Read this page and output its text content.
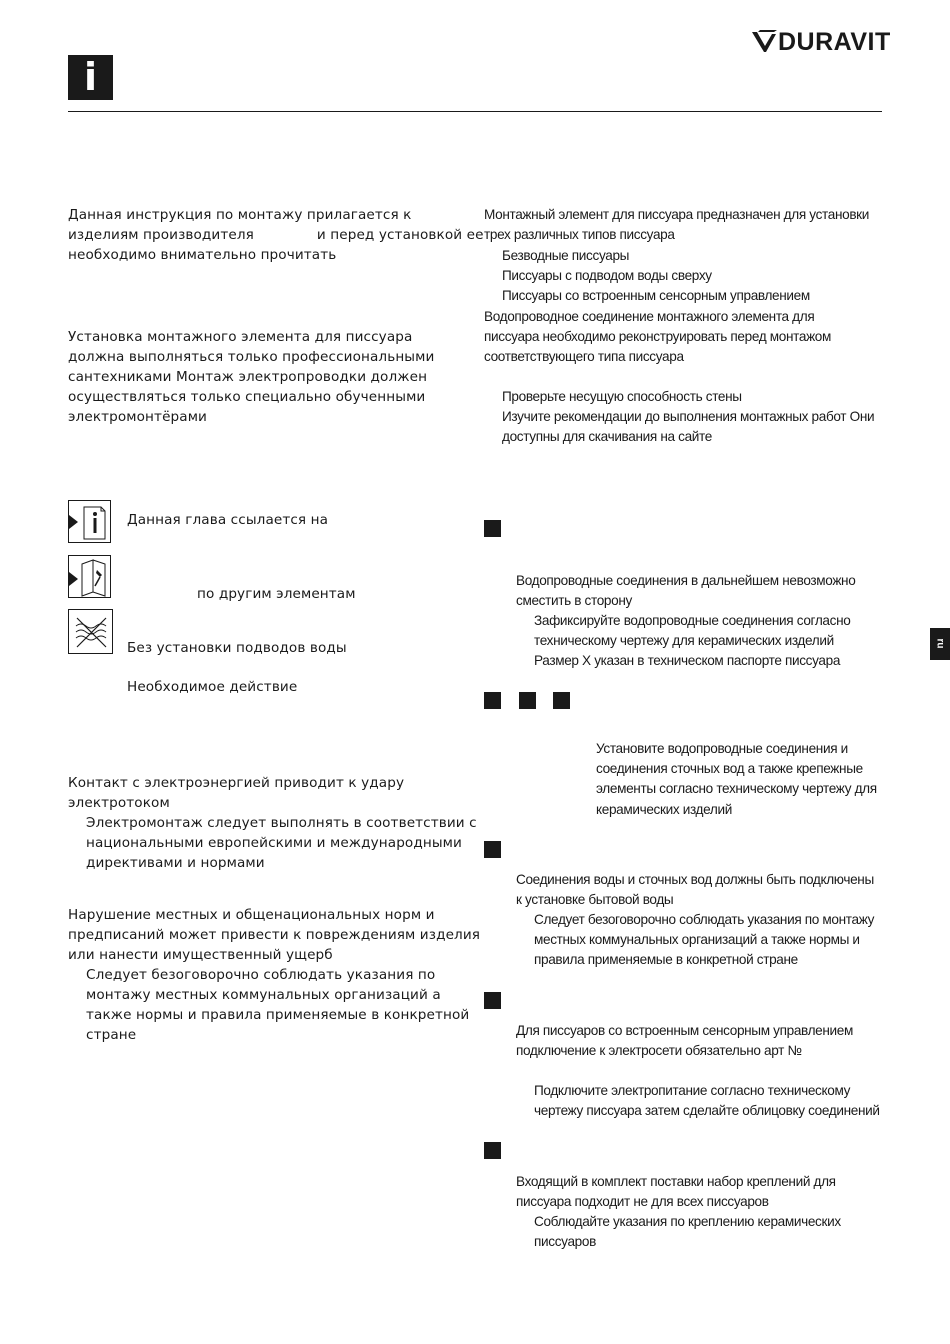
i
DURAVIT
Данная инструкция по монтажу прилагается к
изделиям производителя	и перед установкой ее
необходимо внимательно прочитать
Установка монтажного элемента для писсуара
должна выполняться только профессиональными
сантехниками Монтаж электропроводки должен
осуществляться только специально обученными
электромонтёрами
Данная глава ссылается на
по другим элементам
Без установки подводов воды
Необходимое действие
Контакт с электроэнергией приводит к удару
электротоком
Электромонтаж следует выполнять в соответствии с
национальными европейскими и международными
директивами и нормами
Нарушение местных и общенациональных норм и
предписаний может привести к повреждениям изделия
или нанести имущественный ущерб
Следует безоговорочно соблюдать указания по
монтажу местных коммунальных организаций а
также нормы и правила применяемые в конкретной
стране
Монтажный элемент для писсуара предназначен для установки
трех различных типов писсуара
Безводные писсуары
Писсуары с подводом воды сверху
Писсуары со встроенным сенсорным управлением
Водопроводное соединение монтажного элемента для
писсуара необходимо реконструировать перед монтажом
соответствующего типа писсуара
Проверьте несущую способность стены
Изучите рекомендации до выполнения монтажных работ Они
доступны для скачивания на сайте
Водопроводные соединения в дальнейшем невозможно
сместить в сторону
Зафиксируйте водопроводные соединения согласно
техническому чертежу для керамических изделий
Размер X указан в техническом паспорте писсуара
Установите водопроводные соединения и
соединения сточных вод а также крепежные
элементы согласно техническому чертежу для
керамических изделий
Соединения воды и сточных вод должны быть подключены
к установке бытовой воды
Следует безоговорочно соблюдать указания по монтажу
местных коммунальных организаций а также нормы и
правила применяемые в конкретной стране
Для писсуаров со встроенным сенсорным управлением
подключение к электросети обязательно арт №
Подключите электропитание согласно техническому
чертежу писсуара затем сделайте облицовку соединений
Входящий в комплект поставки набор креплений для
писсуара подходит не для всех писсуаров
Соблюдайте указания по креплению керамических
писсуаров
ru
